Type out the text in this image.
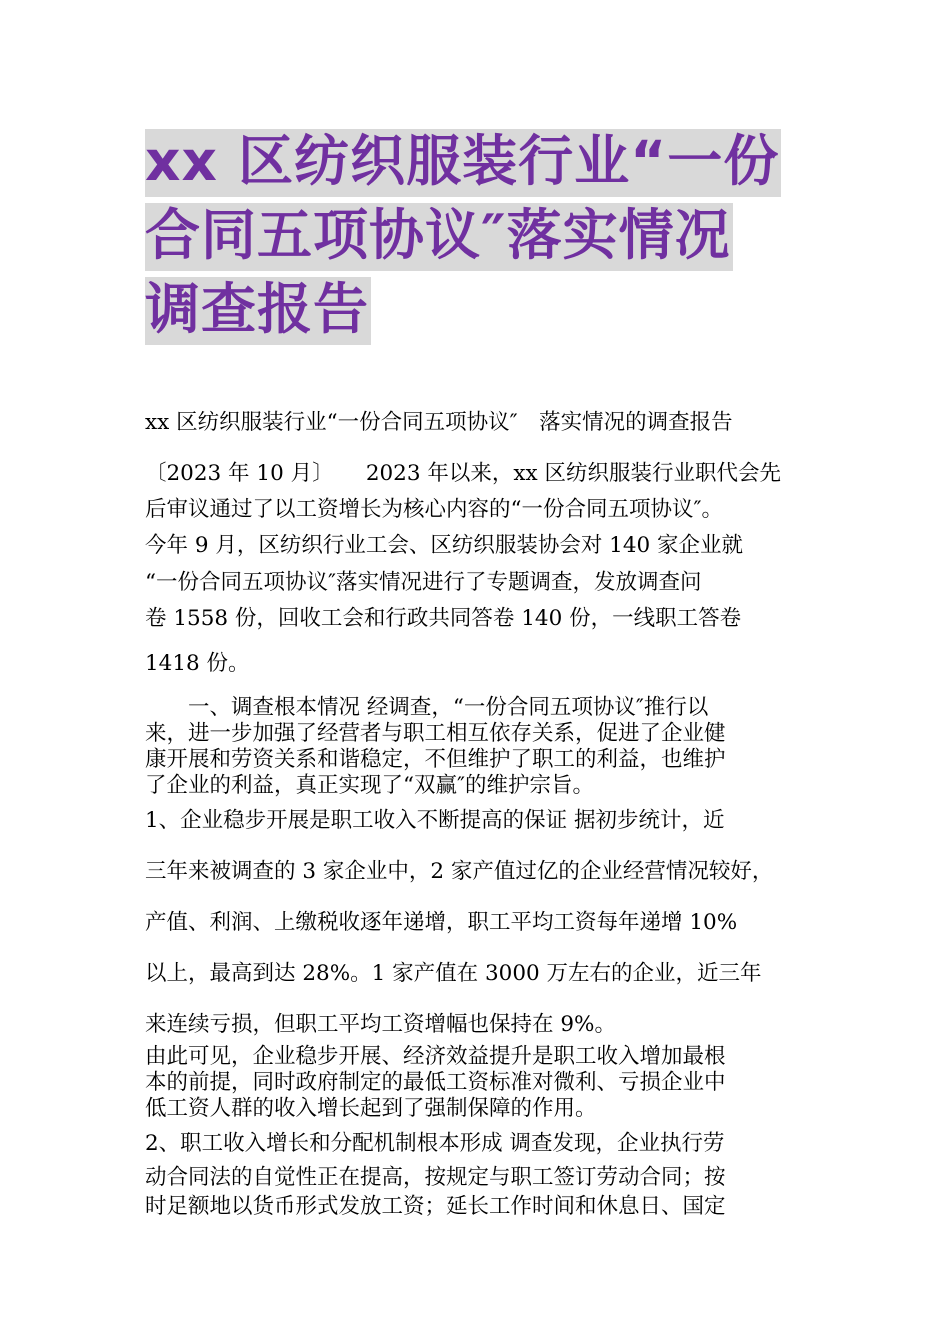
xx 区纺织服装行业“一份
合同五项协议″落实情况
调查报告
xx 区纺织服装行业“一份合同五项协议″　落实情况的调查报告
〔2023 年 10 月〕　　2023 年以来，xx 区纺织服装行业职代会先
后审议通过了以工资增长为核心内容的“一份合同五项协议″。
今年 9 月，区纺织行业工会、区纺织服装协会对 140 家企业就
“一份合同五项协议″落实情况进行了专题调查，发放调查问
卷 1558 份，回收工会和行政共同答卷 140 份，一线职工答卷
1418 份。
　　一、调查根本情况 经调查，“一份合同五项协议″推行以
来，进一步加强了经营者与职工相互依存关系，促进了企业健
康开展和劳资关系和谐稳定，不但维护了职工的利益，也维护
了企业的利益，真正实现了“双赢″的维护宗旨。
1、企业稳步开展是职工收入不断提高的保证 据初步统计，近
三年来被调查的 3 家企业中，2 家产值过亿的企业经营情况较好，
产值、利润、上缴税收逐年递增，职工平均工资每年递增 10%
以上，最高到达 28%。1 家产值在 3000 万左右的企业，近三年
来连续亏损，但职工平均工资增幅也保持在 9%。
由此可见，企业稳步开展、经济效益提升是职工收入增加最根
本的前提，同时政府制定的最低工资标准对微利、亏损企业中
低工资人群的收入增长起到了强制保障的作用。
2、职工收入增长和分配机制根本形成 调查发现，企业执行劳
动合同法的自觉性正在提高，按规定与职工签订劳动合同；按
时足额地以货币形式发放工资；延长工作时间和休息日、国定
